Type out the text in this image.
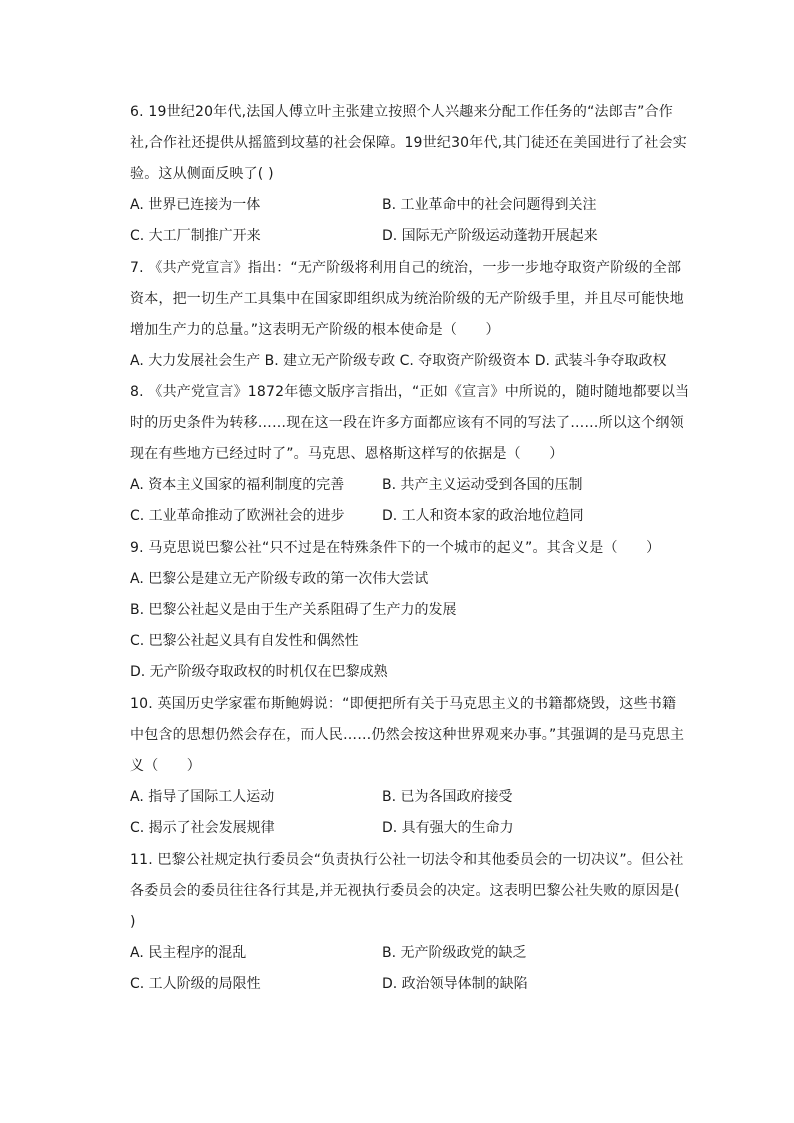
6. 19世纪20年代,法国人傅立叶主张建立按照个人兴趣来分配工作任务的“法郎吉”合作社,合作社还提供从摇篮到坟墓的社会保障。19世纪30年代,其门徒还在美国进行了社会实验。这从侧面反映了( )

A. 世界已连接为一体	B. 工业革命中的社会问题得到关注
C. 大工厂制推广开来	D. 国际无产阶级运动蓬勃开展起来

7. 《共产党宣言》指出：“无产阶级将利用自己的统治，一步一步地夺取资产阶级的全部资本，把一切生产工具集中在国家即组织成为统治阶级的无产阶级手里，并且尽可能快地增加生产力的总量。”这表明无产阶级的根本使命是（　　）

A. 大力发展社会生产 B. 建立无产阶级专政 C. 夺取资产阶级资本 D. 武装斗争夺取政权

8. 《共产党宣言》1872年德文版序言指出，“正如《宣言》中所说的，随时随地都要以当时的历史条件为转移……现在这一段在许多方面都应该有不同的写法了……所以这个纲领现在有些地方已经过时了”。马克思、恩格斯这样写的依据是（　　）

A. 资本主义国家的福利制度的完善	B. 共产主义运动受到各国的压制
C. 工业革命推动了欧洲社会的进步	D. 工人和资本家的政治地位趋同

9. 马克思说巴黎公社“只不过是在特殊条件下的一个城市的起义”。其含义是（　　）

A. 巴黎公是建立无产阶级专政的第一次伟大尝试
B. 巴黎公社起义是由于生产关系阻碍了生产力的发展
C. 巴黎公社起义具有自发性和偶然性
D. 无产阶级夺取政权的时机仅在巴黎成熟

10. 英国历史学家霍布斯鲍姆说：“即便把所有关于马克思主义的书籍都烧毁，这些书籍中包含的思想仍然会存在，而人民……仍然会按这种世界观来办事。”其强调的是马克思主义（　　）

A. 指导了国际工人运动	B. 已为各国政府接受
C. 揭示了社会发展规律	D. 具有强大的生命力

11. 巴黎公社规定执行委员会“负责执行公社一切法令和其他委员会的一切决议”。但公社各委员会的委员往往各行其是,并无视执行委员会的决定。这表明巴黎公社失败的原因是(　　)

A. 民主程序的混乱	B. 无产阶级政党的缺乏
C. 工人阶级的局限性	D. 政治领导体制的缺陷
